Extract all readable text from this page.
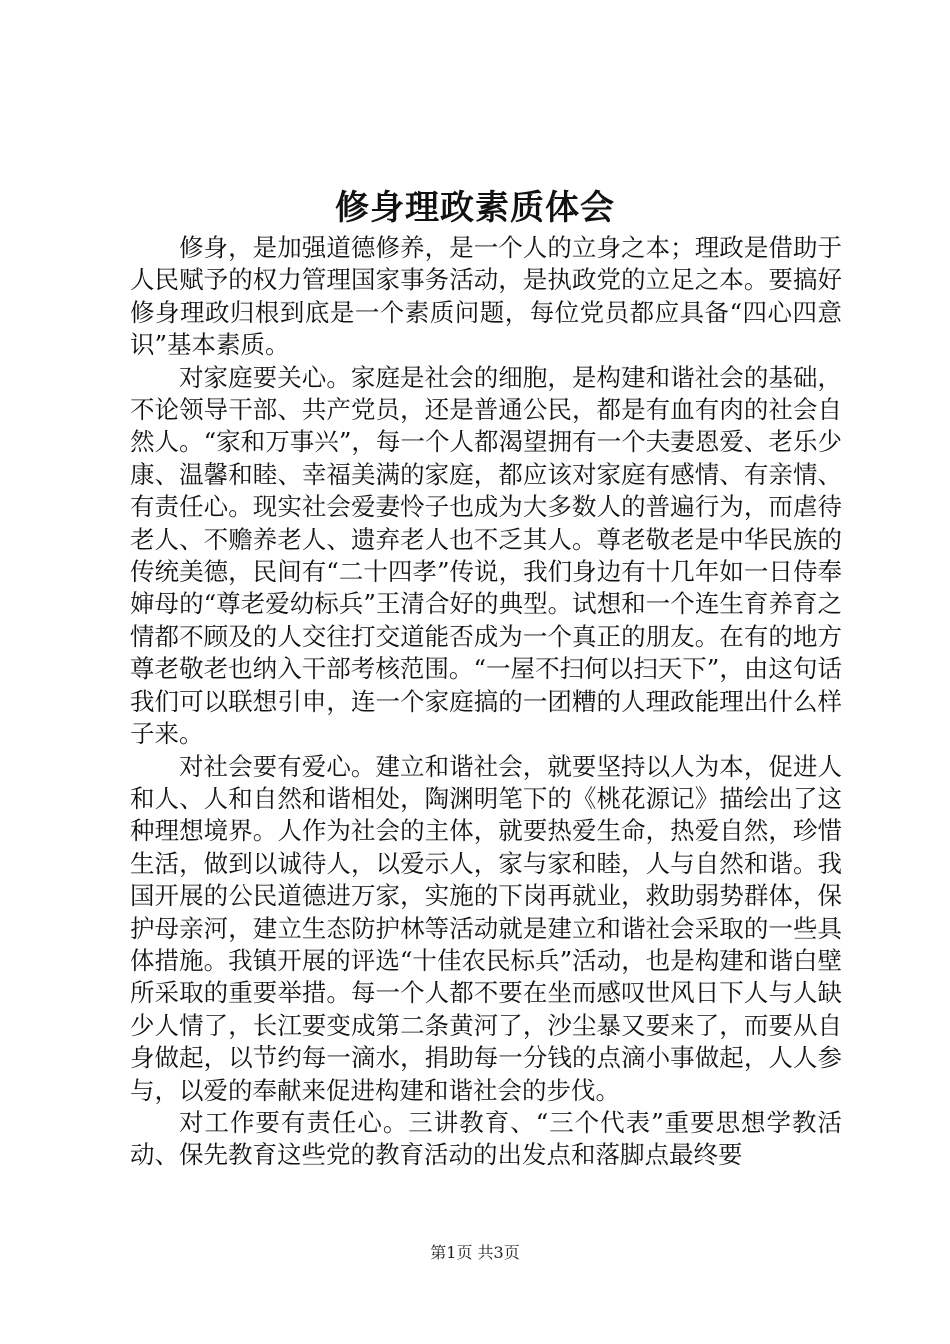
修身理政素质体会

修身，是加强道德修养，是一个人的立身之本；理政是借助于人民赋予的权力管理国家事务活动，是执政党的立足之本。要搞好修身理政归根到底是一个素质问题，每位党员都应具备“四心四意识”基本素质。

对家庭要关心。家庭是社会的细胞，是构建和谐社会的基础，不论领导干部、共产党员，还是普通公民，都是有血有肉的社会自然人。“家和万事兴”，每一个人都渴望拥有一个夫妻恩爱、老乐少康、温馨和睦、幸福美满的家庭，都应该对家庭有感情、有亲情、有责任心。现实社会爱妻怜子也成为大多数人的普遍行为，而虐待老人、不赡养老人、遗弃老人也不乏其人。尊老敬老是中华民族的传统美德，民间有“二十四孝”传说，我们身边有十几年如一日侍奉婶母的“尊老爱幼标兵”王清合好的典型。试想和一个连生育养育之情都不顾及的人交往打交道能否成为一个真正的朋友。在有的地方尊老敬老也纳入干部考核范围。“一屋不扫何以扫天下”，由这句话我们可以联想引申，连一个家庭搞的一团糟的人理政能理出什么样子来。

对社会要有爱心。建立和谐社会，就要坚持以人为本，促进人和人、人和自然和谐相处，陶渊明笔下的《桃花源记》描绘出了这种理想境界。人作为社会的主体，就要热爱生命，热爱自然，珍惜生活，做到以诚待人，以爱示人，家与家和睦，人与自然和谐。我国开展的公民道德进万家，实施的下岗再就业，救助弱势群体，保护母亲河，建立生态防护林等活动就是建立和谐社会采取的一些具体措施。我镇开展的评选“十佳农民标兵”活动，也是构建和谐白壁所采取的重要举措。每一个人都不要在坐而感叹世风日下人与人缺少人情了，长江要变成第二条黄河了，沙尘暴又要来了，而要从自身做起，以节约每一滴水，捐助每一分钱的点滴小事做起，人人参与，以爱的奉献来促进构建和谐社会的步伐。

对工作要有责任心。三讲教育、“三个代表”重要思想学教活动、保先教育这些党的教育活动的出发点和落脚点最终要

第1页 共3页
